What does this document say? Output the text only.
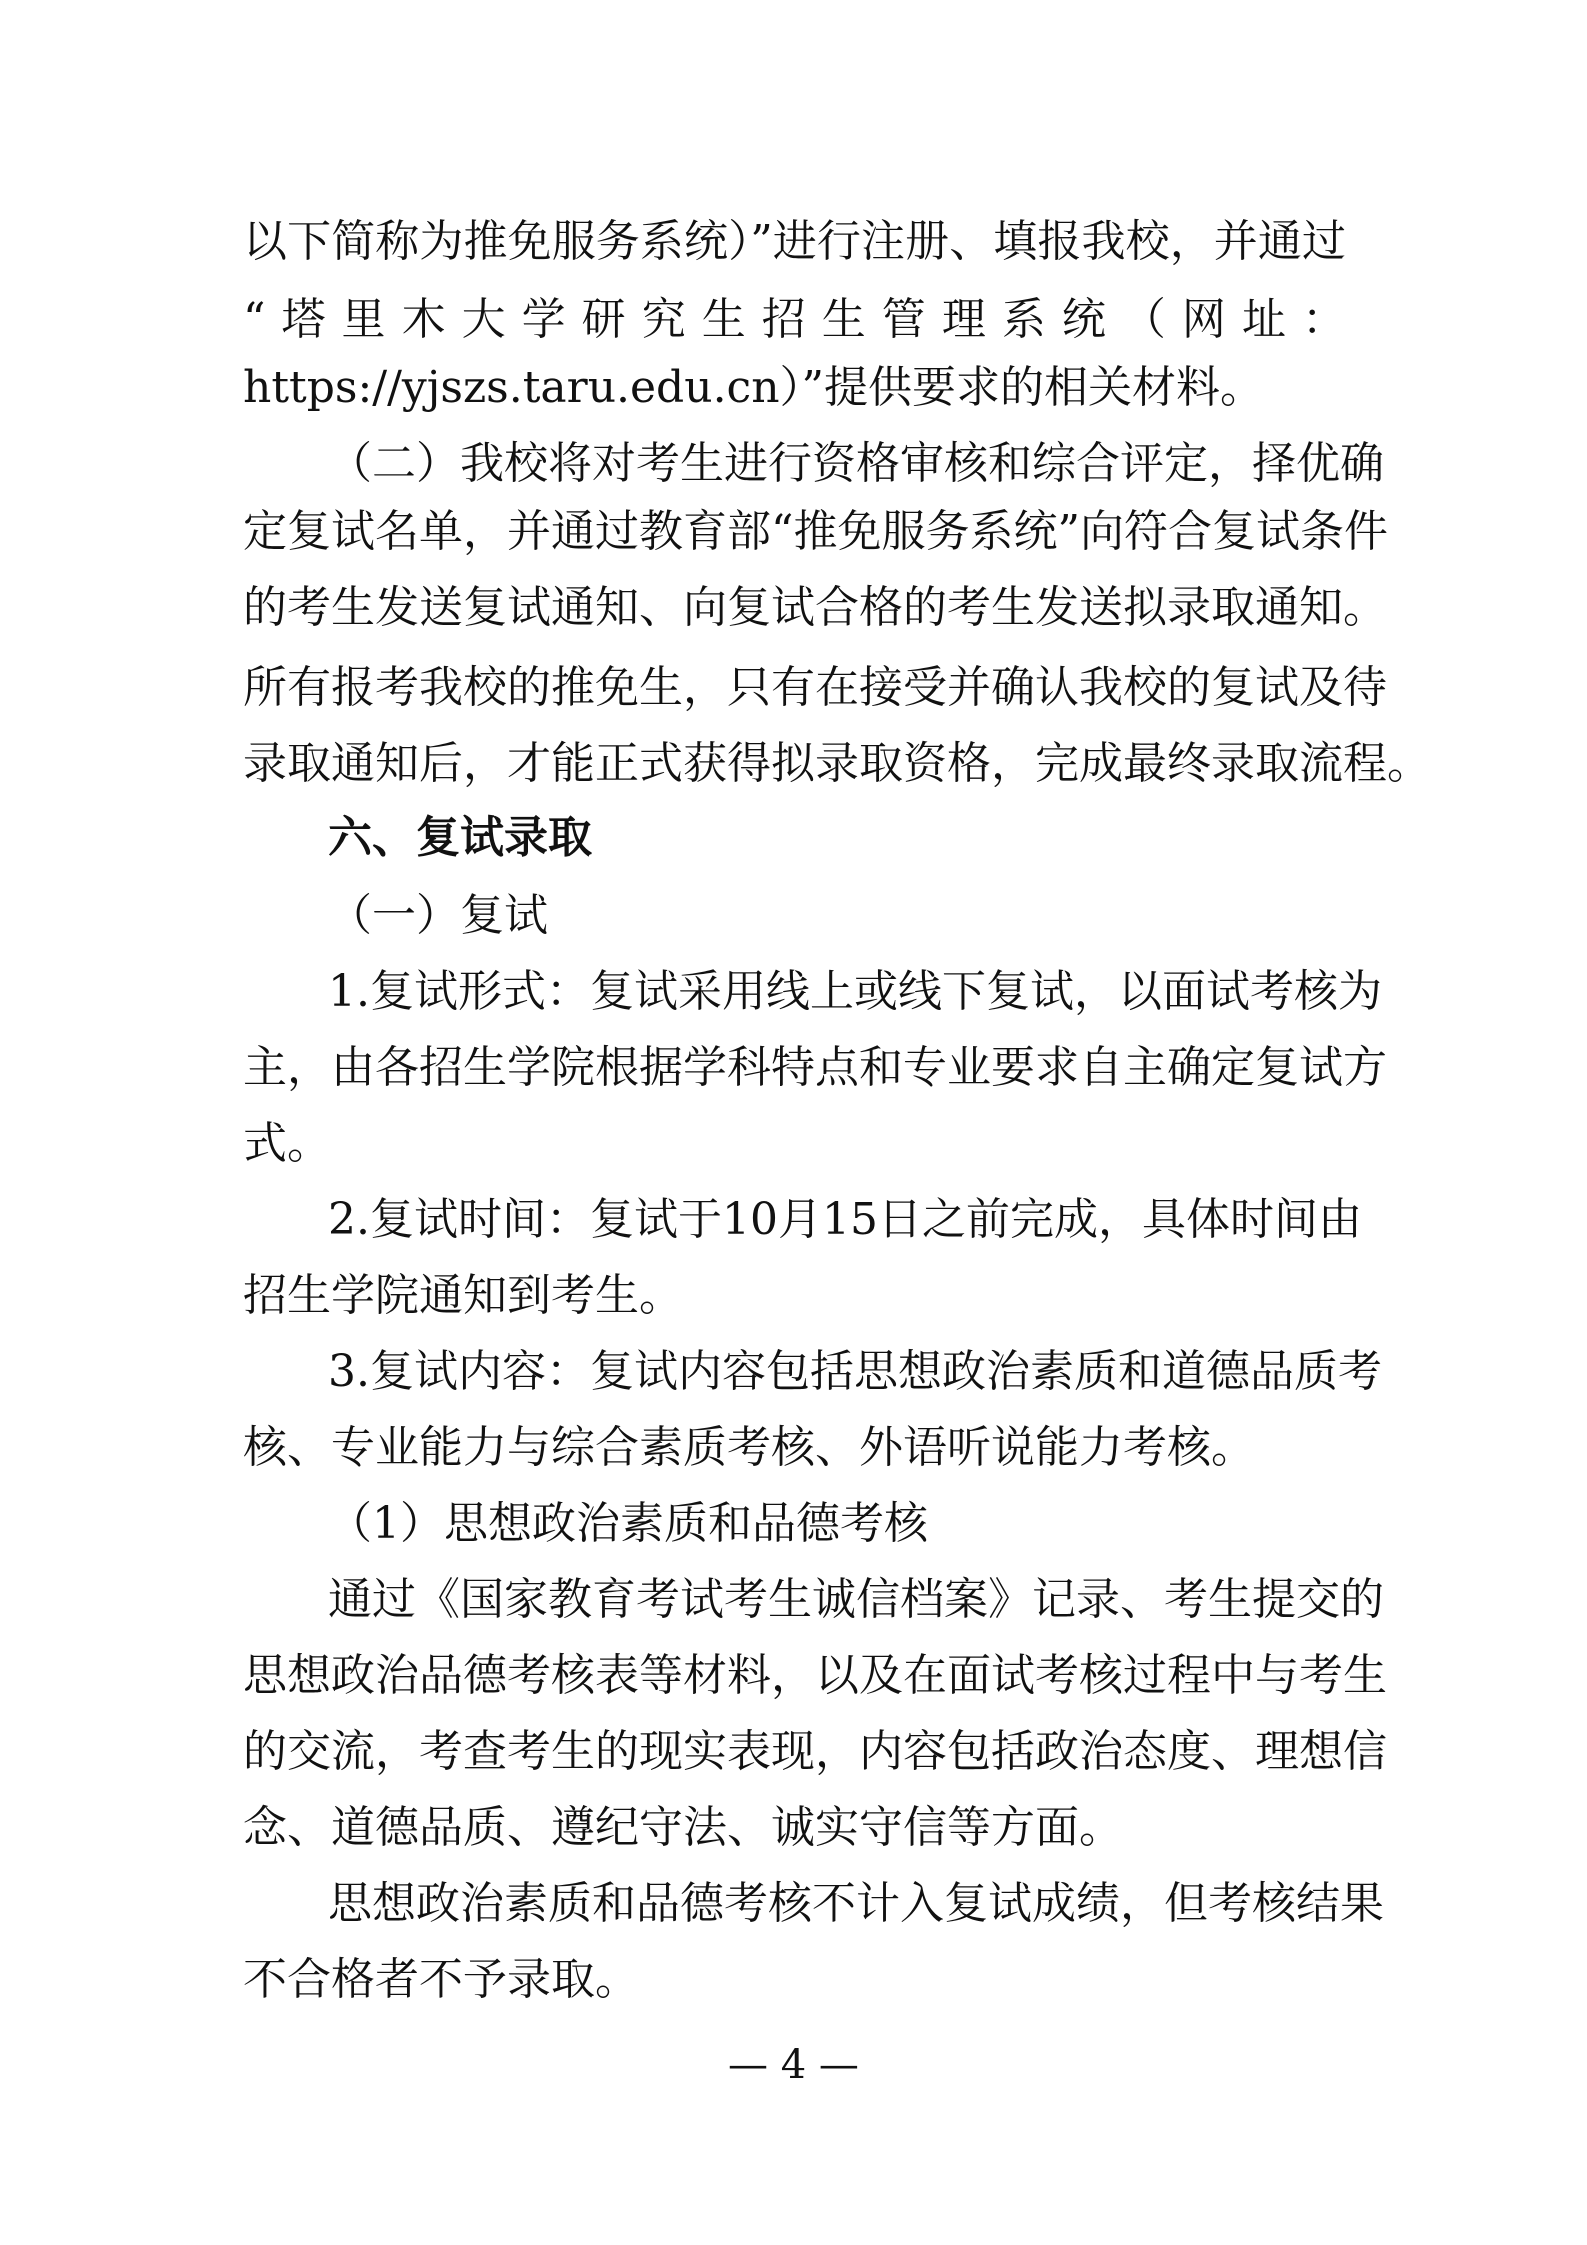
以下简称为推免服务系统）”进行注册、填报我校，并通过
“塔里木大学研究生招生管理系统（网址：
https://yjszs.taru.edu.cn）”提供要求的相关材料。
（二）我校将对考生进行资格审核和综合评定，择优确
定复试名单，并通过教育部“推免服务系统”向符合复试条件
的考生发送复试通知、向复试合格的考生发送拟录取通知。
所有报考我校的推免生，只有在接受并确认我校的复试及待
录取通知后，才能正式获得拟录取资格，完成最终录取流程。
六、复试录取
（一）复试
1.复试形式：复试采用线上或线下复试，以面试考核为
主，由各招生学院根据学科特点和专业要求自主确定复试方
式。
2.复试时间：复试于10月15日之前完成，具体时间由
招生学院通知到考生。
3.复试内容：复试内容包括思想政治素质和道德品质考
核、专业能力与综合素质考核、外语听说能力考核。
（1）思想政治素质和品德考核
通过《国家教育考试考生诚信档案》记录、考生提交的
思想政治品德考核表等材料，以及在面试考核过程中与考生
的交流，考查考生的现实表现，内容包括政治态度、理想信
念、道德品质、遵纪守法、诚实守信等方面。
思想政治素质和品德考核不计入复试成绩，但考核结果
不合格者不予录取。
— 4 —
